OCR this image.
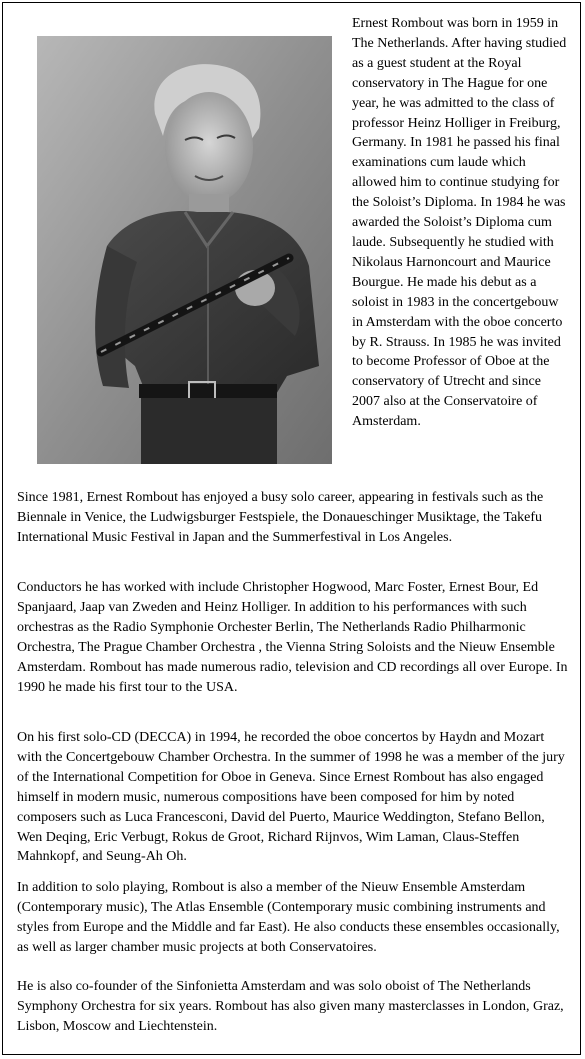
Ernest Rombout was born in 1959 in The Netherlands. After having studied as a guest student at the Royal conservatory in The Hague for one year, he was admitted to the class of professor Heinz Holliger in Freiburg, Germany. In 1981 he passed his final examinations cum laude which allowed him to continue studying for the Soloist’s Diploma. In 1984 he was awarded the Soloist’s Diploma cum laude. Subsequently he studied with Nikolaus Harnoncourt and Maurice Bourgue. He made his debut as a soloist in 1983 in the concertgebouw in Amsterdam with the oboe concerto by R. Strauss. In 1985 he was invited to become Professor of Oboe at the conservatory of Utrecht and since 2007 also at the Conservatoire of Amsterdam.

Since 1981, Ernest Rombout has enjoyed a busy solo career, appearing in festivals such as the Biennale in Venice, the Ludwigsburger Festspiele, the Donaueschinger Musiktage, the Takefu International Music Festival in Japan and the Summerfestival in Los Angeles.

Conductors he has worked with include Christopher Hogwood, Marc Foster, Ernest Bour, Ed Spanjaard, Jaap van Zweden and Heinz Holliger. In addition to his performances with such orchestras as the Radio Symphonie Orchester Berlin, The Netherlands Radio Philharmonic Orchestra, The Prague Chamber Orchestra , the Vienna String Soloists and the Nieuw Ensemble Amsterdam. Rombout has made numerous radio, television and CD recordings all over Europe. In 1990 he made his first tour to the USA.

On his first solo-CD (DECCA) in 1994, he recorded the oboe concertos by Haydn and Mozart with the Concertgebouw Chamber Orchestra. In the summer of 1998 he was a member of the jury of the International Competition for Oboe in Geneva. Since Ernest Rombout has also engaged himself in modern music, numerous compositions have been composed for him by noted composers such as Luca Francesconi, David del Puerto, Maurice Weddington, Stefano Bellon, Wen Deqing, Eric Verbugt, Rokus de Groot, Richard Rijnvos, Wim Laman, Claus-Steffen Mahnkopf, and Seung-Ah Oh.

In addition to solo playing, Rombout is also a member of the Nieuw Ensemble Amsterdam (Contemporary music), The Atlas Ensemble (Contemporary music combining instruments and styles from Europe and the Middle and far East). He also conducts these ensembles occasionally, as well as larger chamber music projects at both Conservatoires.

He is also co-founder of the Sinfonietta Amsterdam and was solo oboist of The Netherlands Symphony Orchestra for six years. Rombout has also given many masterclasses in London, Graz, Lisbon, Moscow and Liechtenstein.
